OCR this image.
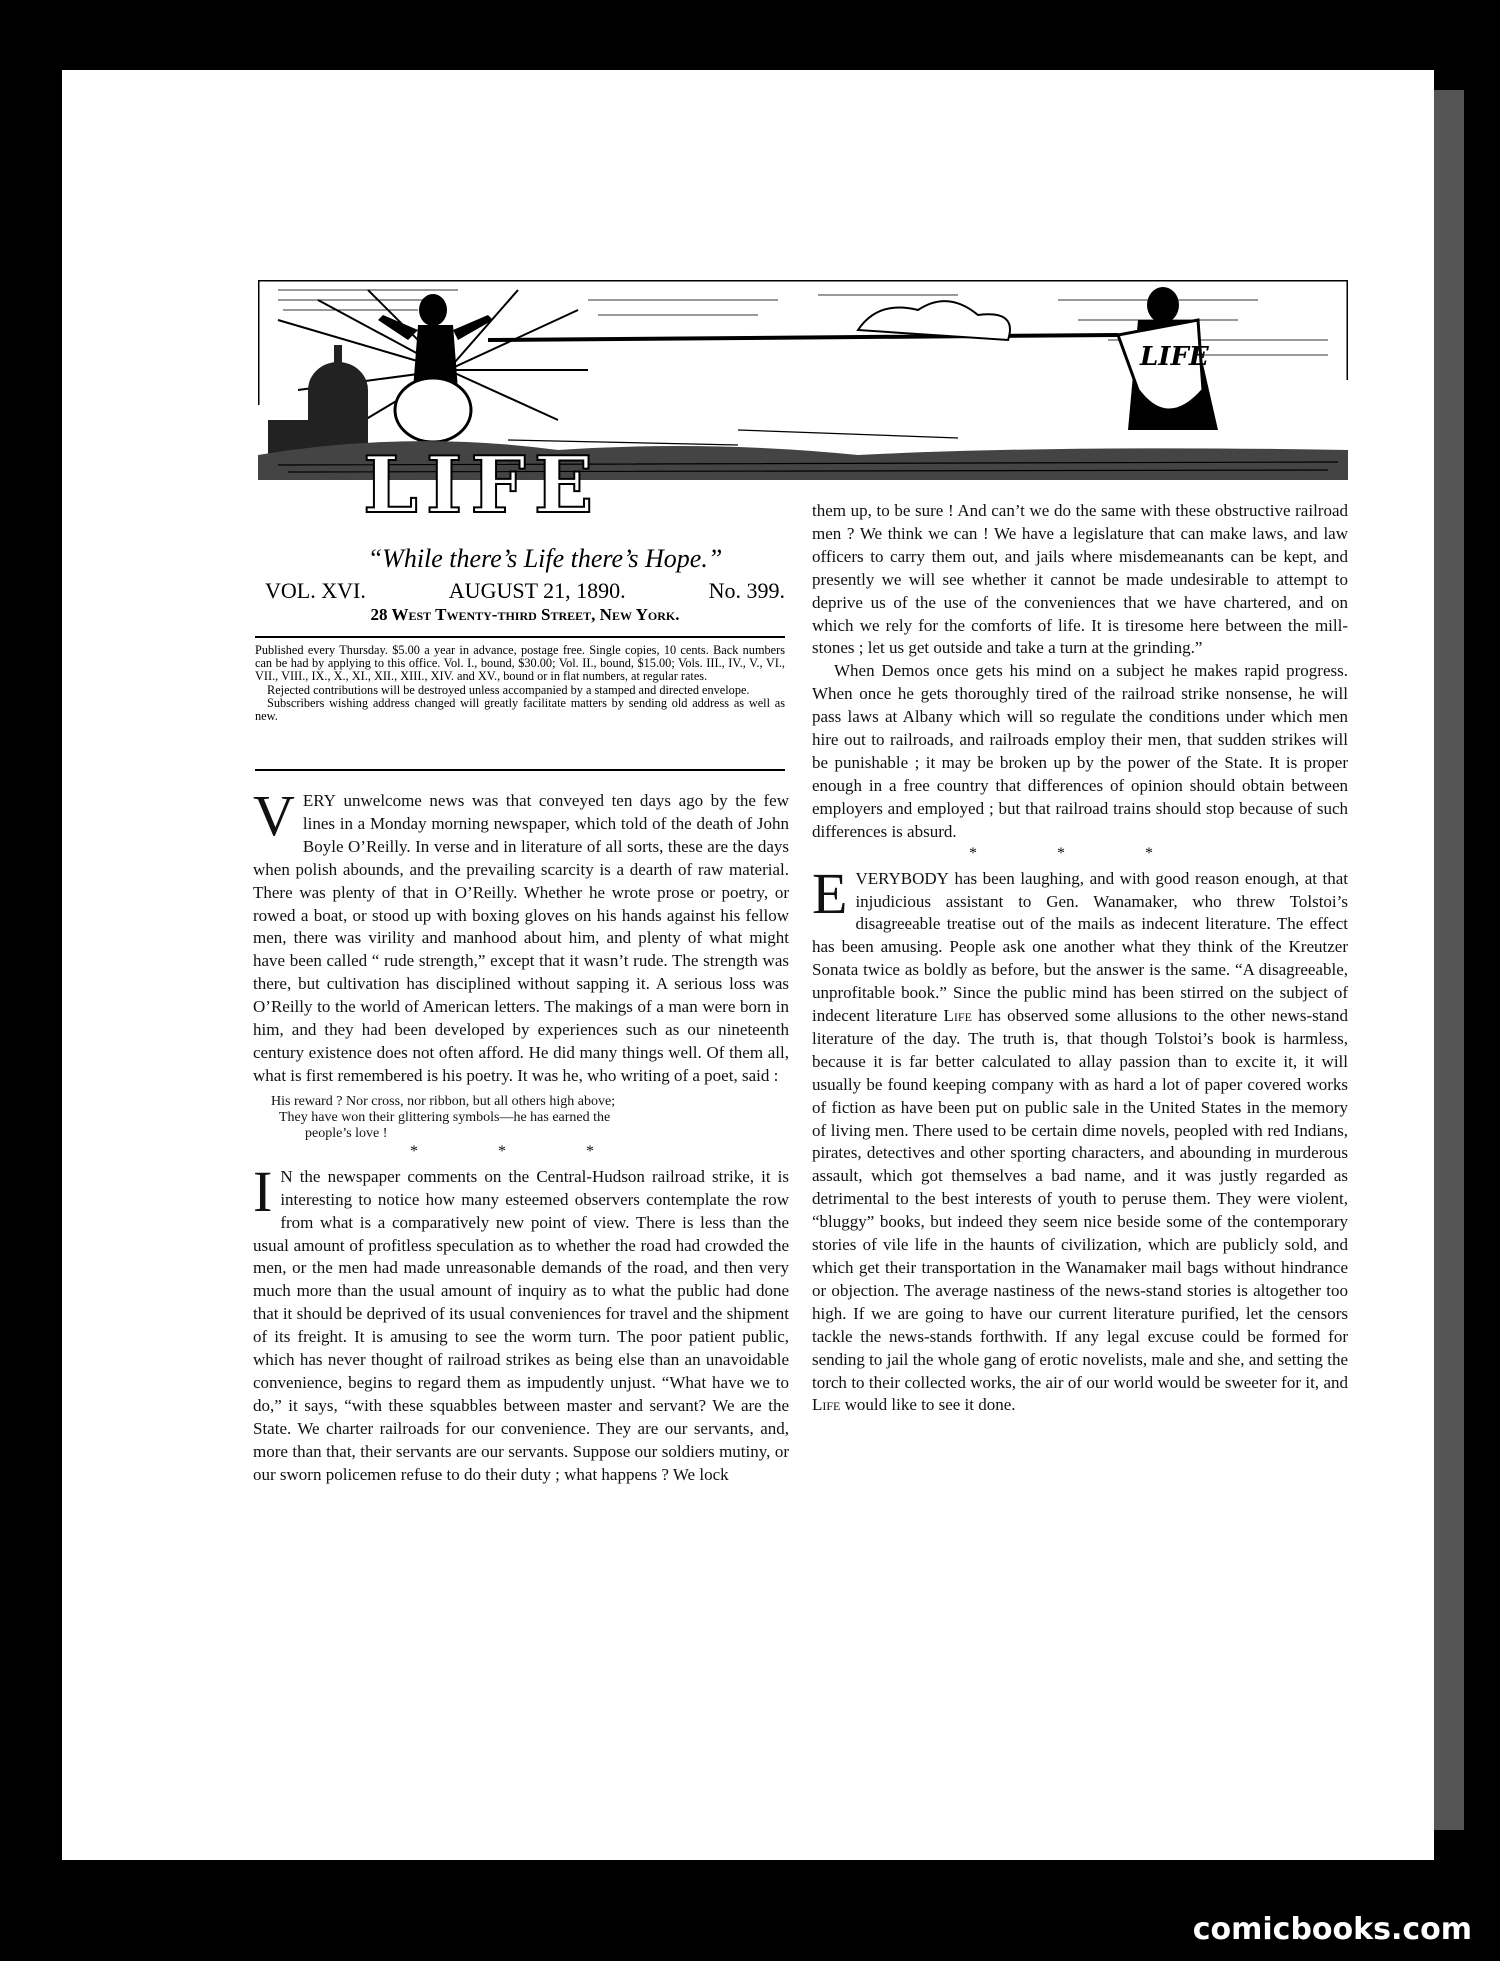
LIFE
LIFE
“While there’s Life there’s Hope.”
VOL. XVI.	AUGUST 21, 1890.	No. 399.
28 West Twenty-third Street, New York.

Published every Thursday. $5.00 a year in advance, postage free. Single copies, 10 cents. Back numbers can be had by applying to this office. Vol. I., bound, $30.00; Vol. II., bound, $15.00; Vols. III., IV., V., VI., VII., VIII., IX., X., XI., XII., XIII., XIV. and XV., bound or in flat numbers, at regular rates.

Rejected contributions will be destroyed unless accompanied by a stamped and directed envelope.

Subscribers wishing address changed will greatly facilitate matters by sending old address as well as new.

VERY unwelcome news was that conveyed ten days ago by the few lines in a Monday morning newspaper, which told of the death of John Boyle O’Reilly. In verse and in literature of all sorts, these are the days when polish abounds, and the prevailing scarcity is a dearth of raw material. There was plenty of that in O’Reilly. Whether he wrote prose or poetry, or rowed a boat, or stood up with boxing gloves on his hands against his fellow men, there was virility and manhood about him, and plenty of what might have been called “ rude strength,” except that it wasn’t rude. The strength was there, but cultivation has disciplined without sapping it. A serious loss was O’Reilly to the world of American letters. The makings of a man were born in him, and they had been developed by experiences such as our nineteenth century existence does not often afford. He did many things well. Of them all, what is first remembered is his poetry. It was he, who writing of a poet, said :

His reward ? Nor cross, nor ribbon, but all others high above;
They have won their glittering symbols—he has earned the
people’s love !

* * *

I N the newspaper comments on the Central-Hudson railroad strike, it is interesting to notice how many esteemed observers contemplate the row from what is a comparatively new point of view. There is less than the usual amount of profitless speculation as to whether the road had crowded the men, or the men had made unreasonable demands of the road, and then very much more than the usual amount of inquiry as to what the public had done that it should be deprived of its usual conveniences for travel and the shipment of its freight. It is amusing to see the worm turn. The poor patient public, which has never thought of railroad strikes as being else than an unavoidable convenience, begins to regard them as impudently unjust. “What have we to do,” it says, “with these squabbles between master and servant? We are the State. We charter railroads for our convenience. They are our servants, and, more than that, their servants are our servants. Suppose our soldiers mutiny, or our sworn policemen refuse to do their duty ; what happens ? We lock

them up, to be sure ! And can’t we do the same with these obstructive railroad men ? We think we can ! We have a legislature that can make laws, and law officers to carry them out, and jails where misdemeanants can be kept, and presently we will see whether it cannot be made undesirable to attempt to deprive us of the use of the conveniences that we have chartered, and on which we rely for the comforts of life. It is tiresome here between the mill-stones ; let us get outside and take a turn at the grinding.”

When Demos once gets his mind on a subject he makes rapid progress. When once he gets thoroughly tired of the railroad strike nonsense, he will pass laws at Albany which will so regulate the conditions under which men hire out to railroads, and railroads employ their men, that sudden strikes will be punishable ; it may be broken up by the power of the State. It is proper enough in a free country that differences of opinion should obtain between employers and employed ; but that railroad trains should stop because of such differences is absurd.

* * *

EVERYBODY has been laughing, and with good reason enough, at that injudicious assistant to Gen. Wanamaker, who threw Tolstoi’s disagreeable treatise out of the mails as indecent literature. The effect has been amusing. People ask one another what they think of the Kreutzer Sonata twice as boldly as before, but the answer is the same. “A disagreeable, unprofitable book.” Since the public mind has been stirred on the subject of indecent literature Life has observed some allusions to the other news-stand literature of the day. The truth is, that though Tolstoi’s book is harmless, because it is far better calculated to allay passion than to excite it, it will usually be found keeping company with as hard a lot of paper covered works of fiction as have been put on public sale in the United States in the memory of living men. There used to be certain dime novels, peopled with red Indians, pirates, detectives and other sporting characters, and abounding in murderous assault, which got themselves a bad name, and it was justly regarded as detrimental to the best interests of youth to peruse them. They were violent, “bluggy” books, but indeed they seem nice beside some of the contemporary stories of vile life in the haunts of civilization, which are publicly sold, and which get their transportation in the Wanamaker mail bags without hindrance or objection. The average nastiness of the news-stand stories is altogether too high. If we are going to have our current literature purified, let the censors tackle the news-stands forthwith. If any legal excuse could be formed for sending to jail the whole gang of erotic novelists, male and she, and setting the torch to their collected works, the air of our world would be sweeter for it, and Life would like to see it done.

comicbooks.com
